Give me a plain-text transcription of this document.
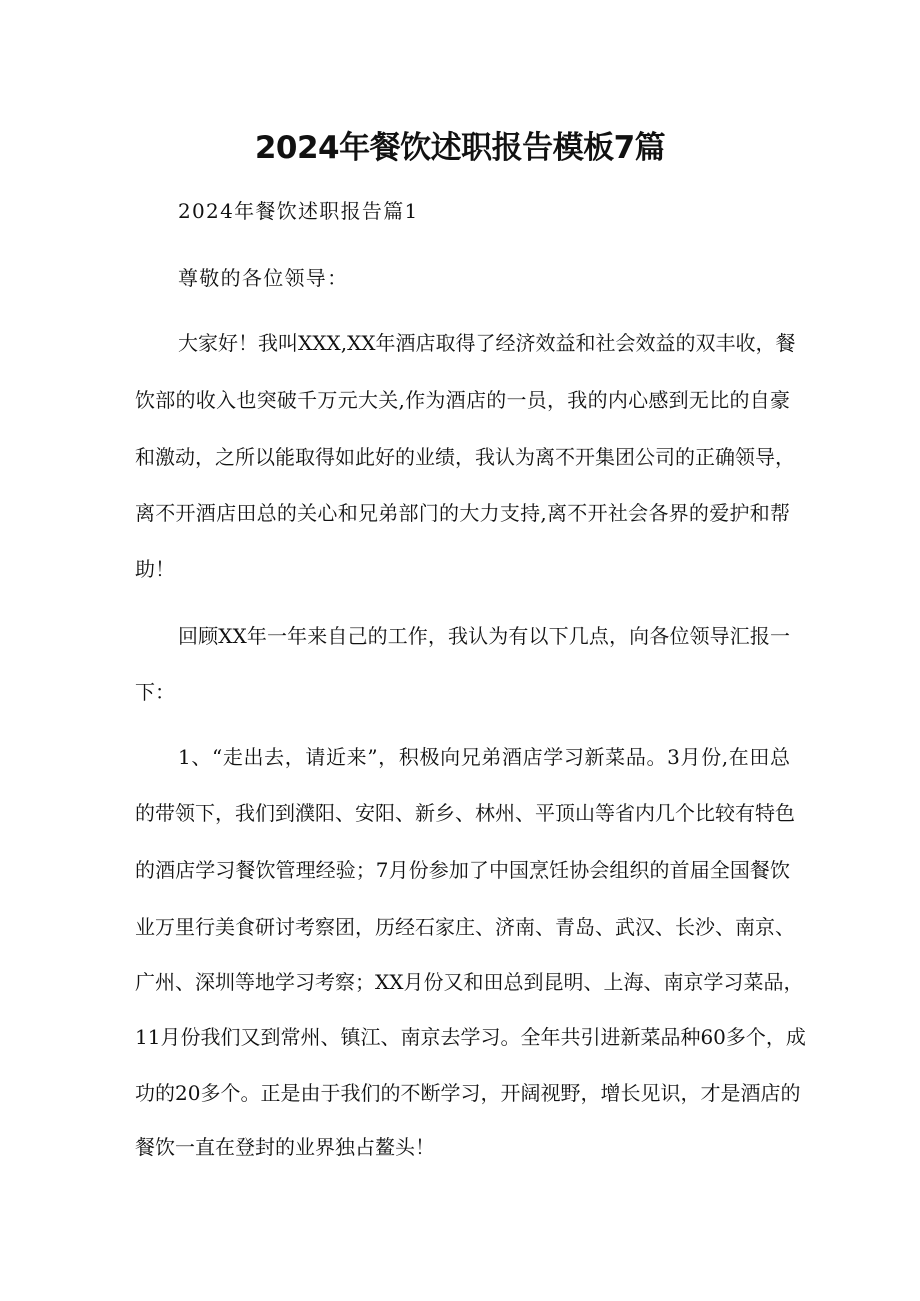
2024年餐饮述职报告模板7篇

2024年餐饮述职报告篇1

尊敬的各位领导：

大家好！我叫XXX,XX年酒店取得了经济效益和社会效益的双丰收，餐

饮部的收入也突破千万元大关,作为酒店的一员，我的内心感到无比的自豪

和激动，之所以能取得如此好的业绩，我认为离不开集团公司的正确领导，

离不开酒店田总的关心和兄弟部门的大力支持,离不开社会各界的爱护和帮

助！

回顾XX年一年来自己的工作，我认为有以下几点，向各位领导汇报一

下：

1、“走出去，请近来”，积极向兄弟酒店学习新菜品。3月份,在田总

的带领下，我们到濮阳、安阳、新乡、林州、平顶山等省内几个比较有特色

的酒店学习餐饮管理经验；7月份参加了中国烹饪协会组织的首届全国餐饮

业万里行美食研讨考察团，历经石家庄、济南、青岛、武汉、长沙、南京、

广州、深圳等地学习考察；XX月份又和田总到昆明、上海、南京学习菜品，

11月份我们又到常州、镇江、南京去学习。全年共引进新菜品种60多个，成

功的20多个。正是由于我们的不断学习，开阔视野，增长见识，才是酒店的

餐饮一直在登封的业界独占鳌头！
